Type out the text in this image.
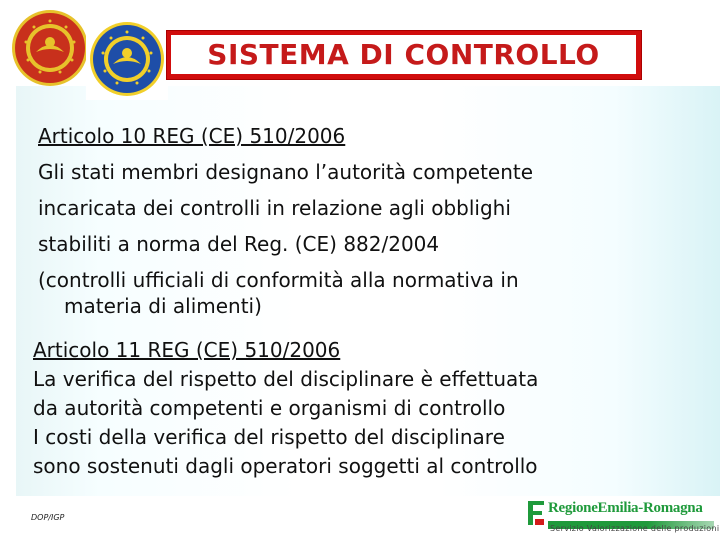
SISTEMA DI CONTROLLO
Articolo 10 REG (CE) 510/2006
Gli stati membri designano l’autorità competente
incaricata dei controlli in relazione agli obblighi
stabiliti a norma del Reg. (CE) 882/2004
(controlli ufficiali di conformità alla normativa in
materia di alimenti)
Articolo 11 REG (CE) 510/2006
La verifica del rispetto del disciplinare è effettuata
da autorità competenti e organismi di controllo
I costi della verifica del rispetto del disciplinare
sono sostenuti dagli operatori soggetti al controllo
DOP/IGP
RegioneEmilia-Romagna
Servizio Valorizzazione delle produzioni
